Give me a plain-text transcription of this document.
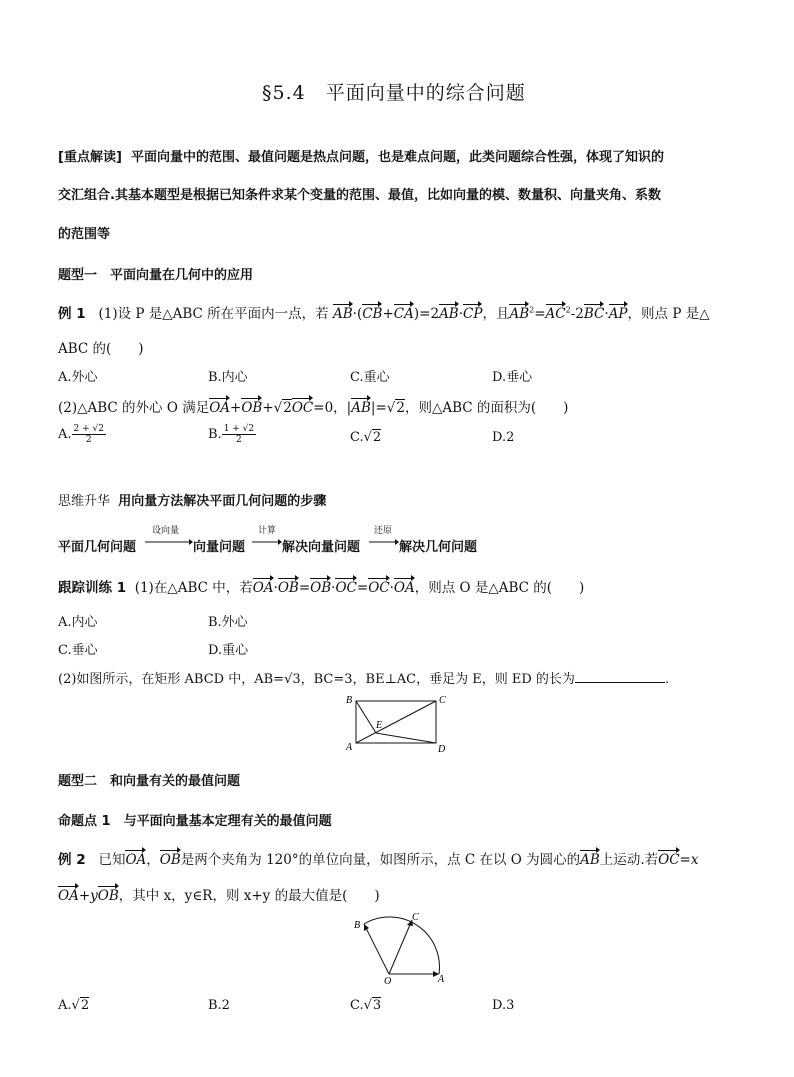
§5.4　平面向量中的综合问题
[重点解读] 平面向量中的范围、最值问题是热点问题，也是难点问题，此类问题综合性强，体现了知识的
交汇组合.其基本题型是根据已知条件求某个变量的范围、最值，比如向量的模、数量积、向量夹角、系数
的范围等
题型一　平面向量在几何中的应用
例 1 (1)设 P 是△ABC 所在平面内一点，若 AB·(CB+CA)=2AB·CP，且$AB^2=AC^2-2BC\cdot AP$，则点 P 是△
ABC 的(　　)
A.外心	B.内心	C.重心	D.垂心
(2)△ABC 的外心 O 满足OA+OB+√2OC=0，|AB|=√2，则△ABC 的面积为(　　)
A. $\frac{2 + √2}{2}$	B. $\frac{1 + √2}{2}$	C.√2	D.2
思维升华 用向量方法解决平面几何问题的步骤
平面几何问题
设向量
向量问题
计算
解决向量问题
还原
解决几何问题
跟踪训练 1 (1)在△ABC 中，若OA·OB=OB·OC=OC·OA，则点 O 是△ABC 的(　　)
A.内心	B.外心
C.垂心	D.重心
(2)如图所示，在矩形 ABCD 中，AB=√3，BC=3，BE⊥AC，垂足为 E，则 ED 的长为	.
B	C
E
A	D
题型二　和向量有关的最值问题
命题点 1　与平面向量基本定理有关的最值问题
例 2 已知OA，OB是两个夹角为 120°的单位向量，如图所示，点 C 在以 O 为圆心的AB上运动.若OC=x
OA+yOB，其中 x，y∈R，则 x+y 的最大值是(　　)
B
C
O	A
A.√2	B.2	C.√3	D.3
